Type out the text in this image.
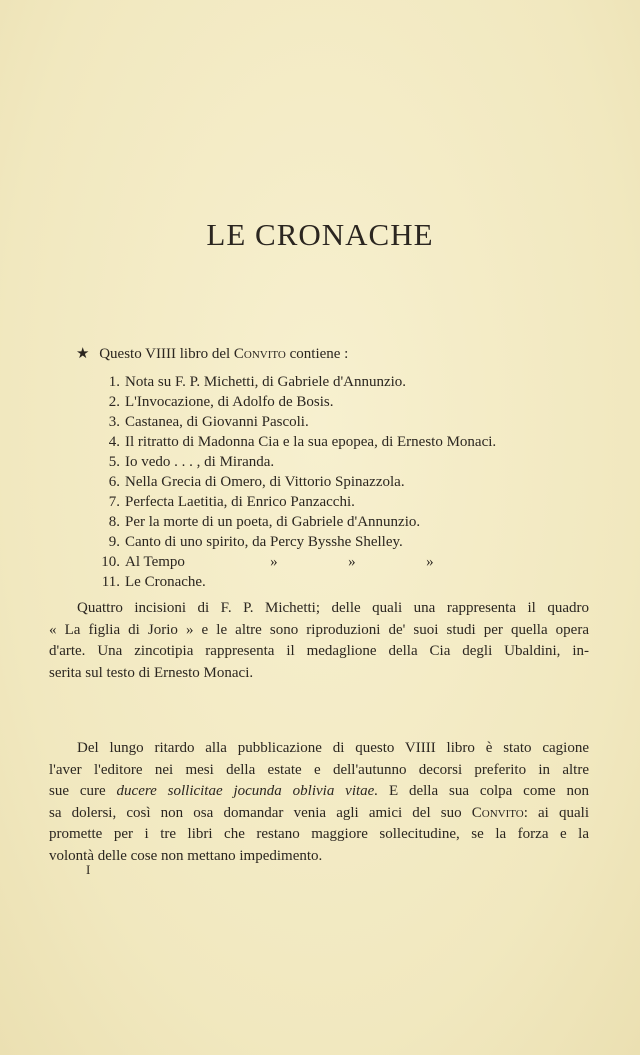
LE CRONACHE
★ Questo VIIII libro del Convito contiene :
1. Nota su F. P. Michetti, di Gabriele d'Annunzio.
2. L'Invocazione, di Adolfo de Bosis.
3. Castanea, di Giovanni Pascoli.
4. Il ritratto di Madonna Cia e la sua epopea, di Ernesto Monaci.
5. Io vedo . . . , di Miranda.
6. Nella Grecia di Omero, di Vittorio Spinazzola.
7. Perfecta Laetitia, di Enrico Panzacchi.
8. Per la morte di un poeta, di Gabriele d'Annunzio.
9. Canto di uno spirito, da Percy Bysshe Shelley.
10. Al Tempo	»	»	»
11. Le Cronache.

Quattro incisioni di F. P. Michetti; delle quali una rappresenta il quadro
« La figlia di Jorio » e le altre sono riproduzioni de' suoi studi per quella opera
d'arte. Una zincotipia rappresenta il medaglione della Cia degli Ubaldini, in-
serita sul testo di Ernesto Monaci.

Del lungo ritardo alla pubblicazione di questo VIIII libro è stato cagione
l'aver l'editore nei mesi della estate e dell'autunno decorsi preferito in altre
sue cure ducere sollicitae jocunda oblivia vitae. E della sua colpa come non
sa dolersi, così non osa domandar venia agli amici del suo Convito: ai quali
promette per i tre libri che restano maggiore sollecitudine, se la forza e la
volontà delle cose non mettano impedimento.

I
